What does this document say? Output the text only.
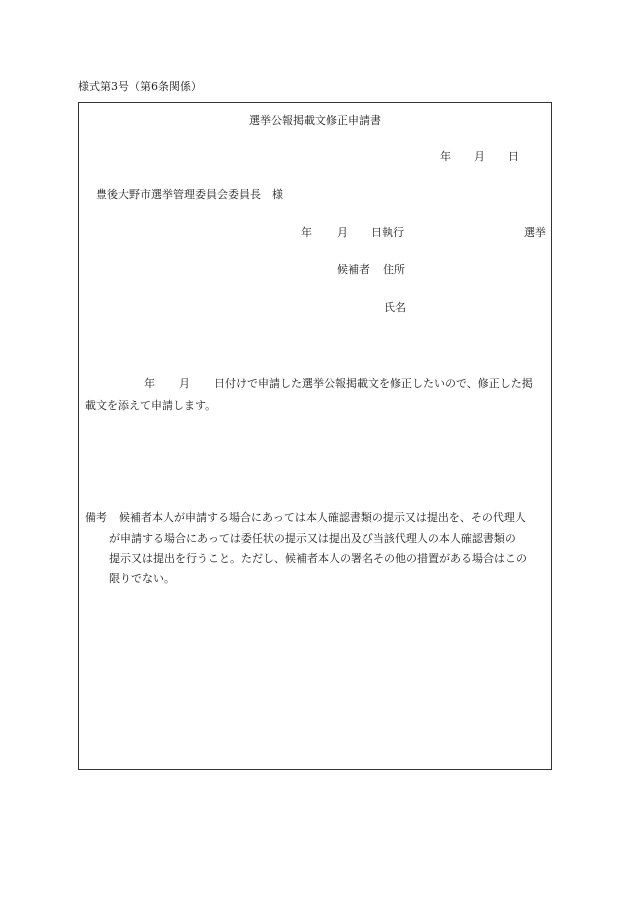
様式第3号（第6条関係）
選挙公報掲載文修正申請書
年 月 日
豊後大野市選挙管理委員会委員長　様
年 月 日執行	選挙
候補者 住所
氏名
年 月 日付けで申請した選挙公報掲載文を修正したいので、修正した掲
載文を添えて申請します。
備考 候補者本人が申請する場合にあっては本人確認書類の提示又は提出を、その代理人
が申請する場合にあっては委任状の提示又は提出及び当該代理人の本人確認書類の
提示又は提出を行うこと。ただし、候補者本人の署名その他の措置がある場合はこの
限りでない。
